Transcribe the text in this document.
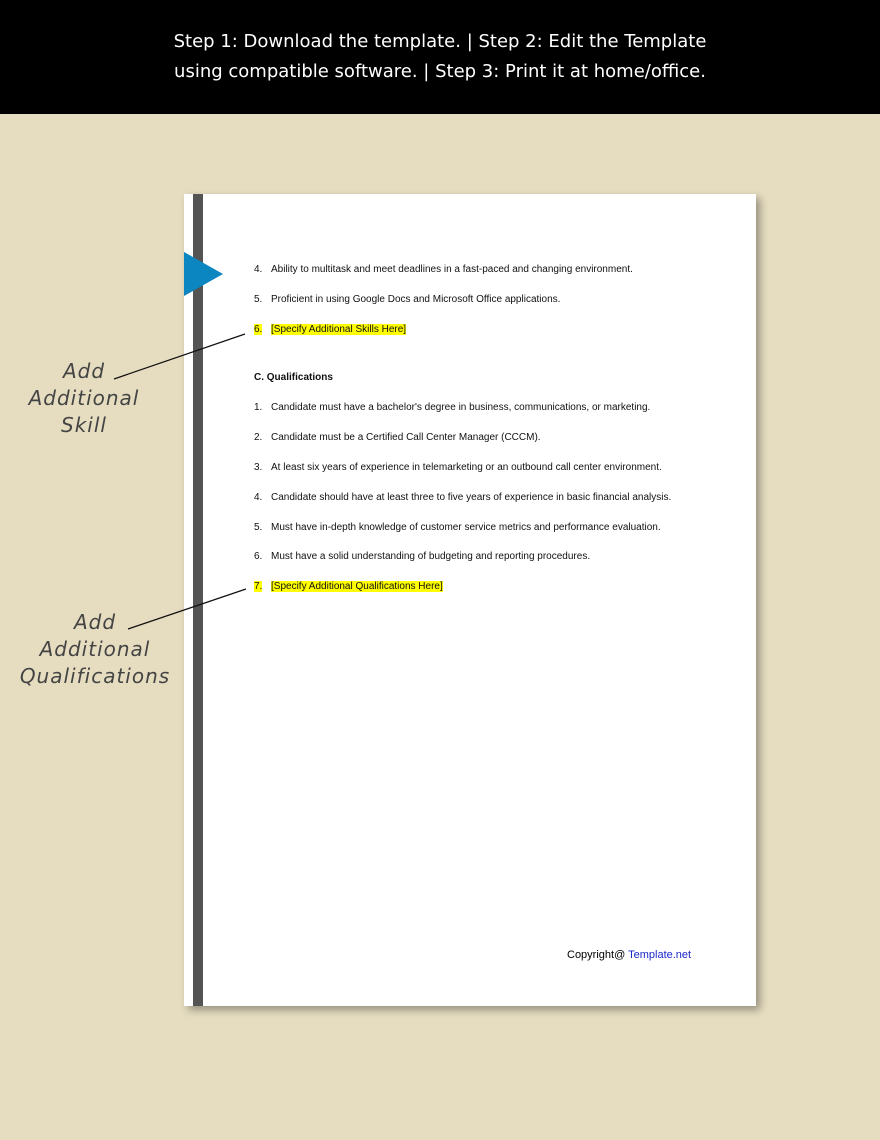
Step 1: Download the template. | Step 2: Edit the Template
using compatible software. | Step 3: Print it at home/office.
4. Ability to multitask and meet deadlines in a fast-paced and changing environment.
5. Proficient in using Google Docs and Microsoft Office applications.
6. [Specify Additional Skills Here]
C. Qualifications
1. Candidate must have a bachelor's degree in business, communications, or marketing.
2. Candidate must be a Certified Call Center Manager (CCCM).
3. At least six years of experience in telemarketing or an outbound call center environment.
4. Candidate should have at least three to five years of experience in basic financial analysis.
5. Must have in-depth knowledge of customer service metrics and performance evaluation.
6. Must have a solid understanding of budgeting and reporting procedures.
7. [Specify Additional Qualifications Here]
Copyright@ Template.net
Add
Additional
Skill
Add
Additional
Qualifications
